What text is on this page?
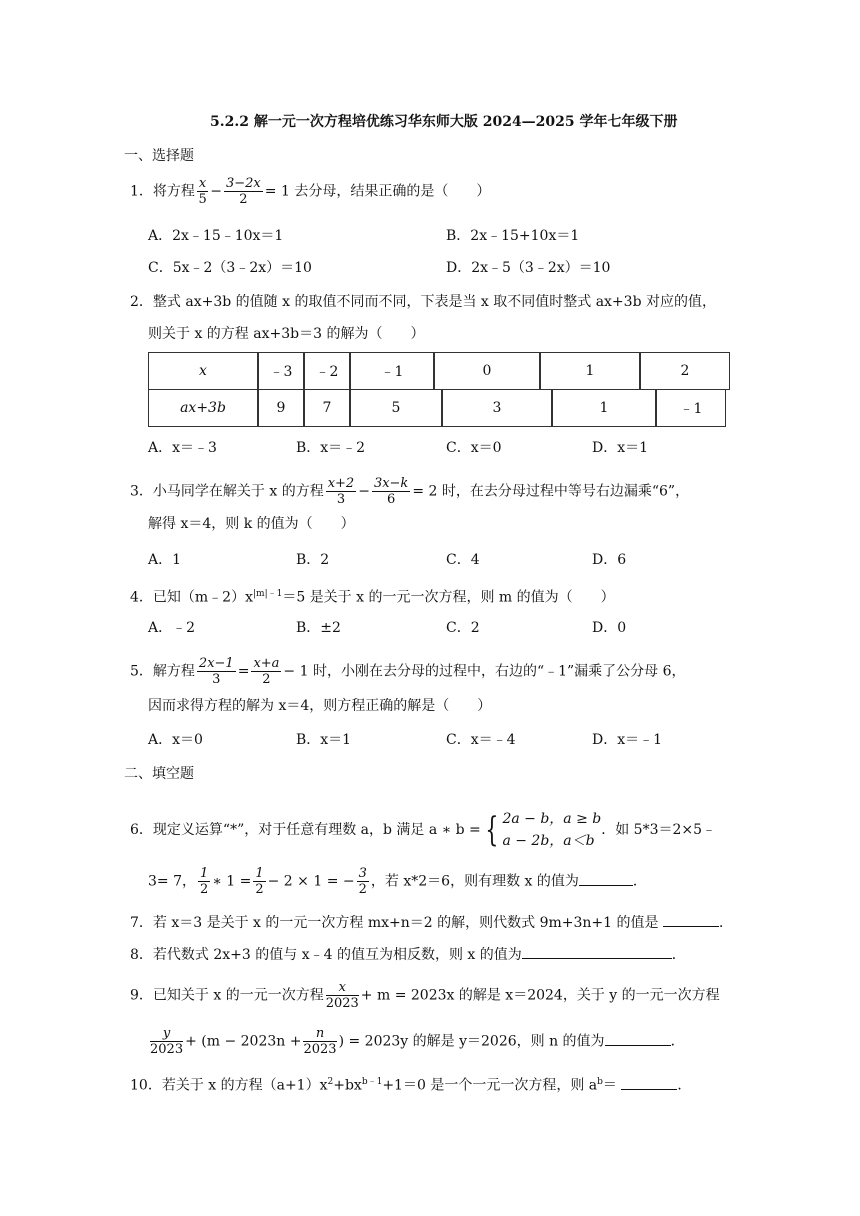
5.2.2 解一元一次方程培优练习华东师大版 2024—2025 学年七年级下册
一、选择题
1．将方程 $\frac{x}{5} - \frac{3-2x}{2} = 1$ 去分母，结果正确的是（　　）
A．2x﹣15﹣10x＝1	B．2x﹣15+10x＝1
C．5x﹣2（3﹣2x）＝10	D．2x﹣5（3﹣2x）＝10
2．整式 ax+3b 的值随 x 的取值不同而不同，下表是当 x 取不同值时整式 ax+3b 对应的值，
则关于 x 的方程 ax+3b＝3 的解为（　　）
x	﹣3	﹣2	﹣1	0	1	2
ax+3b	9	7	5	3	1	﹣1
A．x＝﹣3	B．x＝﹣2	C．x＝0	D．x＝1
3．小马同学在解关于 x 的方程 $\frac{x+2}{3} - \frac{3x-k}{6} = 2$ 时，在去分母过程中等号右边漏乘“6”，
解得 x＝4，则 k 的值为（　　）
A．1	B．2	C．4	D．6
4．已知$(m﹣2)x^{|m|﹣1}=5$ 是关于 x 的一元一次方程，则 m 的值为（　　）
A．﹣2	B．±2	C．2	D．0
5．解方程 $\frac{2x-1}{3} = \frac{x+a}{2} - 1$ 时，小刚在去分母的过程中，右边的“﹣1”漏乘了公分母 6，
因而求得方程的解为 x＝4，则方程正确的解是（　　）
A．x＝0	B．x＝1	C．x＝﹣4	D．x＝﹣1
二、填空题
6．现定义运算“*”，对于任意有理数 a，b 满足 a ∗ b = { 2a − b，a ≥ b
a − 2b，a＜b
．如 5*3＝2×5﹣
3= 7， $\frac{1}{2}$ ∗ $1 = \frac{1}{2} - 2 \times 1$ = − $\frac{3}{2}$ ，若 x*2＝6，则有理数 x 的值为	．
7．若 x＝3 是关于 x 的一元一次方程 mx+n＝2 的解，则代数式 9m+3n+1 的值是	．
8．若代数式 2x+3 的值与 x﹣4 的值互为相反数，则 x 的值为	．
9．已知关于 x 的一元一次方程 $\frac{x}{2023} + m = 2023x$ 的解是 x＝2024，关于 y 的一元一次方程
$\frac{y}{2023} + (m - 2023n + \frac{n}{2023}$ ) = 2023y 的解是 y＝2026，则 n 的值为	．
10．若关于 x 的方程$(a+1)x^2+bx^{b﹣1}+1=0$ 是一个一元一次方程，则 $a^b=$	．
